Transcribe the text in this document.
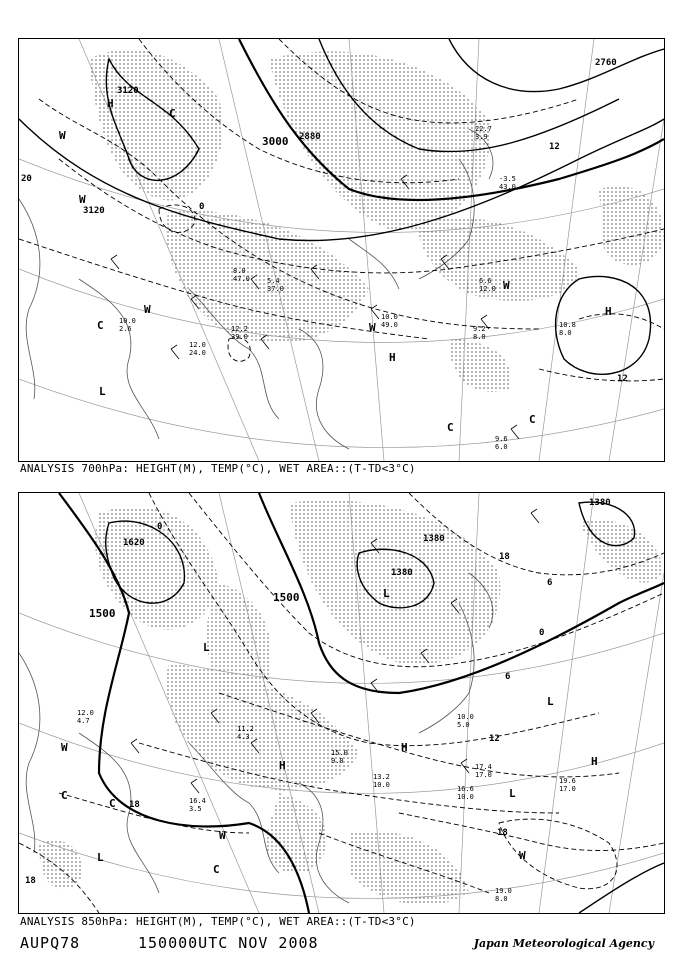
3120
3000 2880
2760
3120	0
12
12
20
H
H
H
L
C
C
C
C
W
W
W
W
W
8.0
47.0
12.2
39.0
10.0
49.0
6.6
12.0
9.2
8.0
10.8
8.0
9.6
6.0
12.0
24.0
10.0
2.6
5.4
37.0
22.7
3.9
-3.5
43.0
ANALYSIS 700hPa: HEIGHT(M), TEMP(°C), WET AREA::(T-TD<3°C)
1620
1500
1500
1380
1380
1380
0
0
12
18
18
18
18
6
6
L
L
L
L
L
H
H
H
C
C
C
W
W
W
15.0
9.0
16.4
3.5
17.4
17.0
19.6
17.0
19.0
8.0
10.0
5.0
16.6
10.0
13.2
10.0
12.0
4.7
11.2
4.3
ANALYSIS 850hPa: HEIGHT(M), TEMP(°C), WET AREA::(T-TD<3°C)
AUPQ78	150000UTC NOV 2008	Japan Meteorological Agency
